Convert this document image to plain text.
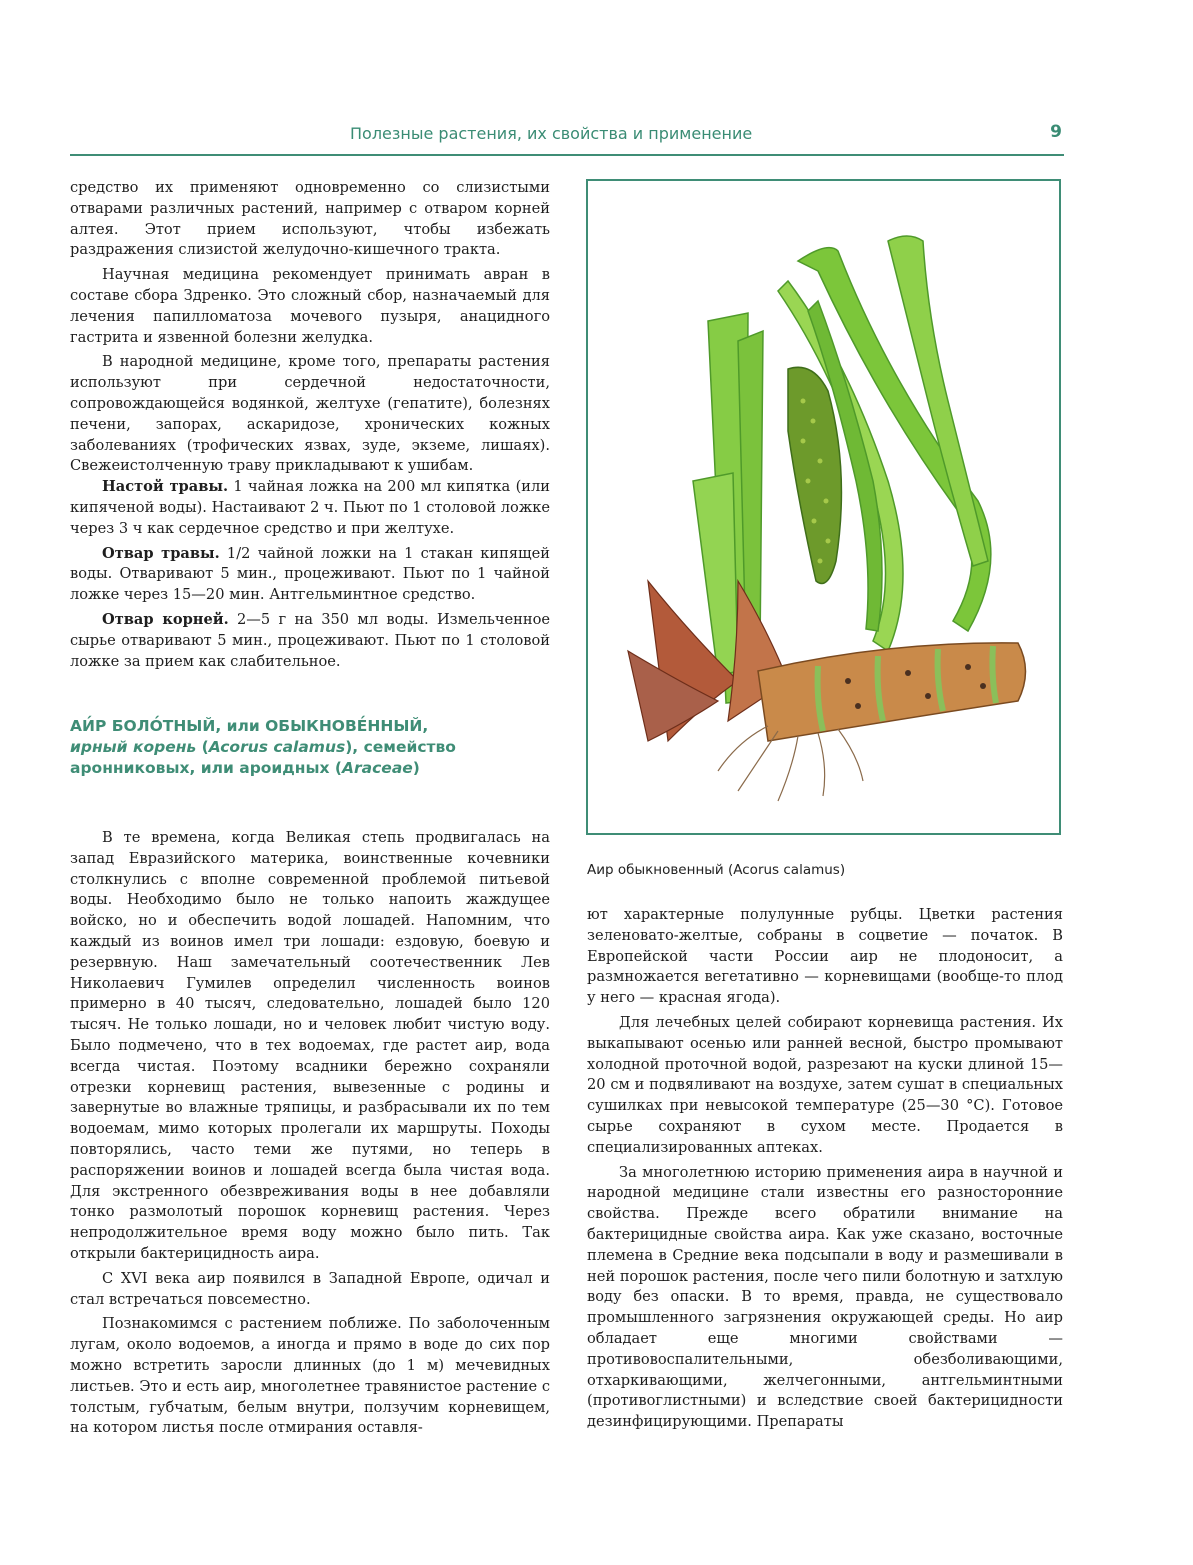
Полезные растения, их свойства и применение	9

средство их применяют одновременно со слизистыми отварами различных растений, например с отваром корней алтея. Этот прием используют, чтобы избежать раздражения слизистой желудочно-кишечного тракта.

Научная медицина рекомендует принимать авран в составе сбора Здренко. Это сложный сбор, назначаемый для лечения папилломатоза мочевого пузыря, анацидного гастрита и язвенной болезни желудка.

В народной медицине, кроме того, препараты растения используют при сердечной недостаточности, сопровождающейся водянкой, желтухе (гепатите), болезнях печени, запорах, аскаридозе, хронических кожных заболеваниях (трофических язвах, зуде, экземе, лишаях). Свежеистолченную траву прикладывают к ушибам.

Настой травы. 1 чайная ложка на 200 мл кипятка (или кипяченой воды). Настаивают 2 ч. Пьют по 1 столовой ложке через 3 ч как сердечное средство и при желтухе.

Отвар травы. 1/2 чайной ложки на 1 стакан кипящей воды. Отваривают 5 мин., процеживают. Пьют по 1 чайной ложке через 15—20 мин. Антгельминтное средство.

Отвар корней. 2—5 г на 350 мл воды. Измельченное сырье отваривают 5 мин., процеживают. Пьют по 1 столовой ложке за прием как слабительное.

АИ́Р БОЛО́ТНЫЙ, или ОБЫКНОВЕ́ННЫЙ,
ирный корень (Acorus calamus), семейство
аронниковых, или ароидных (Araceae)

В те времена, когда Великая степь продвигалась на запад Евразийского материка, воинственные кочевники столкнулись с вполне современной проблемой питьевой воды. Необходимо было не только напоить жаждущее войско, но и обеспечить водой лошадей. Напомним, что каждый из воинов имел три лошади: ездовую, боевую и резервную. Наш замечательный соотечественник Лев Николаевич Гумилев определил численность воинов примерно в 40 тысяч, следовательно, лошадей было 120 тысяч. Не только лошади, но и человек любит чистую воду. Было подмечено, что в тех водоемах, где растет аир, вода всегда чистая. Поэтому всадники бережно сохраняли отрезки корневищ растения, вывезенные с родины и завернутые во влажные тряпицы, и разбрасывали их по тем водоемам, мимо которых пролегали их маршруты. Походы повторялись, часто теми же путями, но теперь в распоряжении воинов и лошадей всегда была чистая вода. Для экстренного обезвреживания воды в нее добавляли тонко размолотый порошок корневищ растения. Через непродолжительное время воду можно было пить. Так открыли бактерицидность аира.

С XVI века аир появился в Западной Европе, одичал и стал встречаться повсеместно.

Познакомимся с растением поближе. По заболоченным лугам, около водоемов, а иногда и прямо в воде до сих пор можно встретить заросли длинных (до 1 м) мечевидных листьев. Это и есть аир, многолетнее травянистое растение с толстым, губчатым, белым внутри, ползучим корневищем, на котором листья после отмирания оставля-

Аир обыкновенный (Acorus calamus)

ют характерные полулунные рубцы. Цветки растения зеленовато-желтые, собраны в соцветие — початок. В Европейской части России аир не плодоносит, а размножается вегетативно — корневищами (вообще-то плод у него — красная ягода).

Для лечебных целей собирают корневища растения. Их выкапывают осенью или ранней весной, быстро промывают холодной проточной водой, разрезают на куски длиной 15—20 см и подвяливают на воздухе, затем сушат в специальных сушилках при невысокой температуре (25—30 °С). Готовое сырье сохраняют в сухом месте. Продается в специализированных аптеках.

За многолетнюю историю применения аира в научной и народной медицине стали известны его разносторонние свойства. Прежде всего обратили внимание на бактерицидные свойства аира. Как уже сказано, восточные племена в Средние века подсыпали в воду и размешивали в ней порошок растения, после чего пили болотную и затхлую воду без опаски. В то время, правда, не существовало промышленного загрязнения окружающей среды. Но аир обладает еще многими свойствами — противовоспалительными, обезболивающими, отхаркивающими, желчегонными, антгельминтными (противоглистными) и вследствие своей бактерицидности дезинфицирующими. Препараты
